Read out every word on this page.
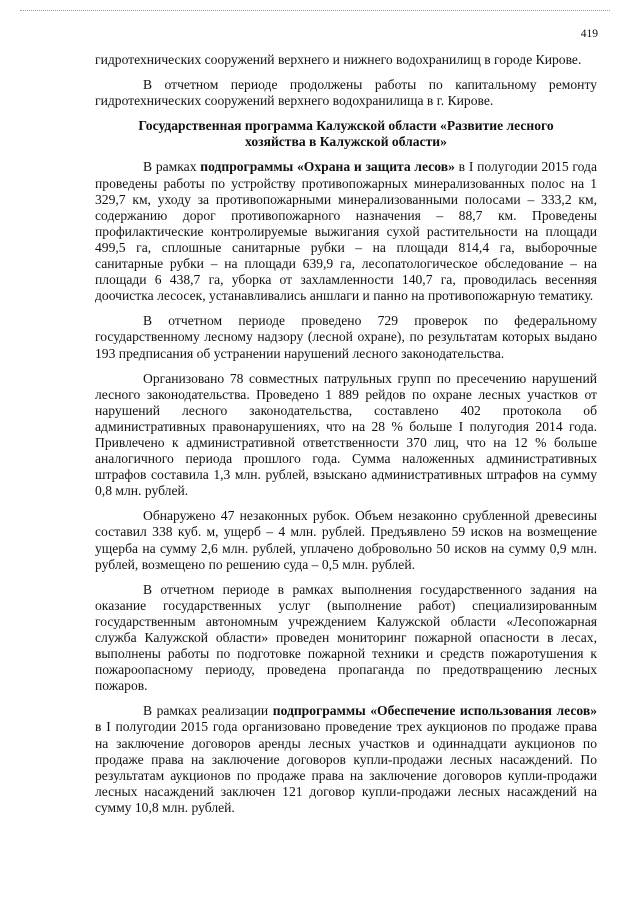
419

гидротехнических сооружений верхнего и нижнего водохранилищ в городе Кирове.

В отчетном периоде продолжены работы по капитальному ремонту гидротехнических сооружений верхнего водохранилища в г. Кирове.

Государственная программа Калужской области «Развитие лесного хозяйства в Калужской области»

В рамках подпрограммы «Охрана и защита лесов» в I полугодии 2015 года проведены работы по устройству противопожарных минерализованных полос на 1 329,7 км, уходу за противопожарными минерализованными полосами – 333,2 км, содержанию дорог противопожарного назначения – 88,7 км. Проведены профилактические контролируемые выжигания сухой растительности на площади 499,5 га, сплошные санитарные рубки – на площади 814,4 га, выборочные санитарные рубки – на площади 639,9 га, лесопатологическое обследование – на площади 6 438,7 га, уборка от захламленности 140,7 га, проводилась весенняя доочистка лесосек, устанавливались аншлаги и панно на противопожарную тематику.

В отчетном периоде проведено 729 проверок по федеральному государственному лесному надзору (лесной охране), по результатам которых выдано 193 предписания об устранении нарушений лесного законодательства.

Организовано 78 совместных патрульных групп по пресечению нарушений лесного законодательства. Проведено 1 889 рейдов по охране лесных участков от нарушений лесного законодательства, составлено 402 протокола об административных правонарушениях, что на 28 % больше I полугодия 2014 года. Привлечено к административной ответственности 370 лиц, что на 12 % больше аналогичного периода прошлого года. Сумма наложенных административных штрафов составила 1,3 млн. рублей, взыскано административных штрафов на сумму 0,8 млн. рублей.

Обнаружено 47 незаконных рубок. Объем незаконно срубленной древесины составил 338 куб. м, ущерб – 4 млн. рублей. Предъявлено 59 исков на возмещение ущерба на сумму 2,6 млн. рублей, уплачено добровольно 50 исков на сумму 0,9 млн. рублей, возмещено по решению суда – 0,5 млн. рублей.

В отчетном периоде в рамках выполнения государственного задания на оказание государственных услуг (выполнение работ) специализированным государственным автономным учреждением Калужской области «Лесопожарная служба Калужской области» проведен мониторинг пожарной опасности в лесах, выполнены работы по подготовке пожарной техники и средств пожаротушения к пожароопасному периоду, проведена пропаганда по предотвращению лесных пожаров.

В рамках реализации подпрограммы «Обеспечение использования лесов» в I полугодии 2015 года организовано проведение трех аукционов по продаже права на заключение договоров аренды лесных участков и одиннадцати аукционов по продаже права на заключение договоров купли-продажи лесных насаждений. По результатам аукционов по продаже права на заключение договоров купли-продажи лесных насаждений заключен 121 договор купли-продажи лесных насаждений на сумму 10,8 млн. рублей.
